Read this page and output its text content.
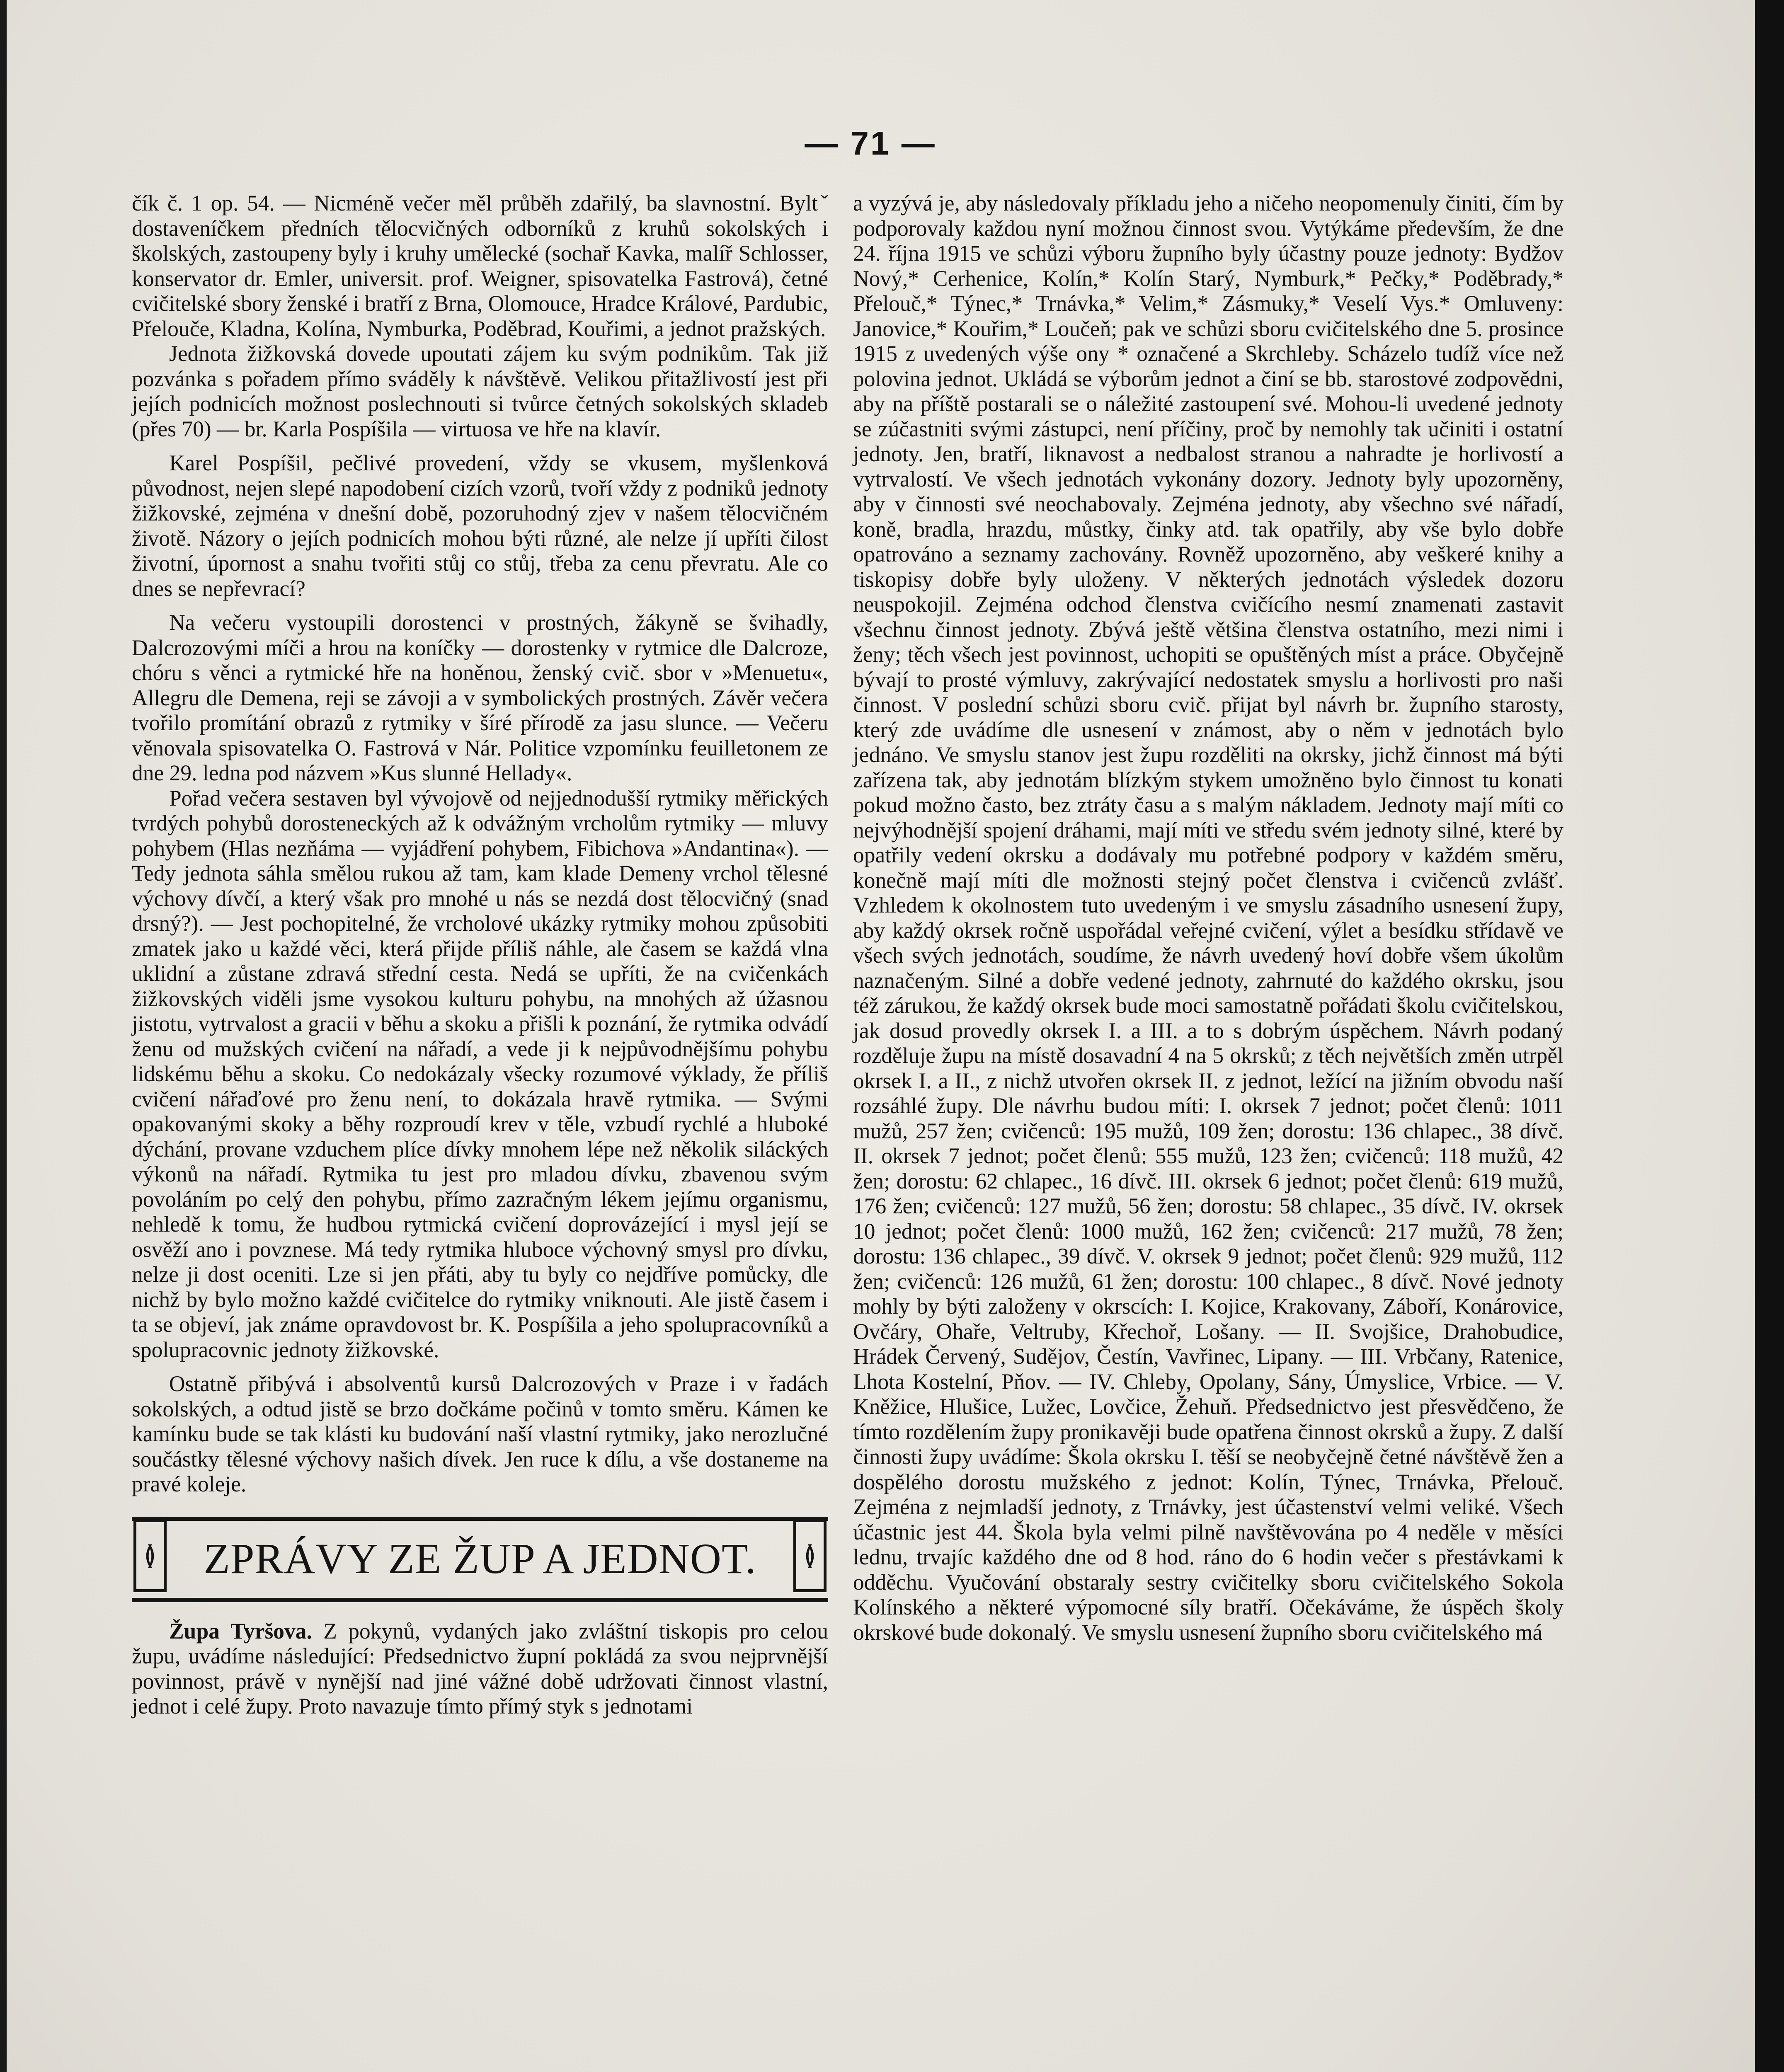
— 71 —

čík č. 1 op. 54. — Nicméně večer měl průběh zdařilý, ba slavnostní. Byltˇ dostaveníčkem předních tělocvičných odborníků z kruhů sokolských i školských, zastoupeny byly i kruhy umělecké (sochař Kavka, malíř Schlosser, konservator dr. Emler, universit. prof. Weigner, spisovatelka Fastrová), četné cvičitelské sbory ženské i bratří z Brna, Olomouce, Hradce Králové, Pardubic, Přelouče, Kladna, Kolína, Nymburka, Poděbrad, Kouřimi, a jednot pražských.

Jednota žižkovská dovede upoutati zájem ku svým podnikům. Tak již pozvánka s pořadem přímo sváděly k návštěvě. Velikou přitažlivostí jest při jejích podnicích možnost poslechnouti si tvůrce četných sokolských skladeb (přes 70) — br. Karla Pospíšila — virtuosa ve hře na klavír.

Karel Pospíšil, pečlivé provedení, vždy se vkusem, myšlenková původnost, nejen slepé napodobení cizích vzorů, tvoří vždy z podniků jednoty žižkovské, zejména v dnešní době, pozoruhodný zjev v našem tělocvičném životě. Názory o jejích podnicích mohou býti různé, ale nelze jí upříti čilost životní, úpornost a snahu tvořiti stůj co stůj, třeba za cenu převratu. Ale co dnes se nepřevrací?

Na večeru vystoupili dorostenci v prostných, žákyně se švihadly, Dalcrozovými míči a hrou na koníčky — dorostenky v rytmice dle Dalcroze, chóru s věnci a rytmické hře na honěnou, ženský cvič. sbor v »Menuetu«, Allegru dle Demena, reji se závoji a v symbolických prostných. Závěr večera tvořilo promítání obrazů z rytmiky v šíré přírodě za jasu slunce. — Večeru věnovala spisovatelka O. Fastrová v Nár. Politice vzpomínku feuilletonem ze dne 29. ledna pod názvem »Kus slunné Hellady«.

Pořad večera sestaven byl vývojově od nejjednodušší rytmiky měřických tvrdých pohybů dorosteneckých až k odvážným vrcholům rytmiky — mluvy pohybem (Hlas nezňáma — vyjádření pohybem, Fibichova »Andantina«). — Tedy jednota sáhla smělou rukou až tam, kam klade Demeny vrchol tělesné výchovy dívčí, a který však pro mnohé u nás se nezdá dost tělocvičný (snad drsný?). — Jest pochopitelné, že vrcholové ukázky rytmiky mohou způsobiti zmatek jako u každé věci, která přijde příliš náhle, ale časem se každá vlna uklidní a zůstane zdravá střední cesta. Nedá se upříti, že na cvičenkách žižkovských viděli jsme vysokou kulturu pohybu, na mnohých až úžasnou jistotu, vytrvalost a gracii v běhu a skoku a přišli k poznání, že rytmika odvádí ženu od mužských cvičení na nářadí, a vede ji k nejpůvodnějšímu pohybu lidskému běhu a skoku. Co nedokázaly všecky rozumové výklady, že příliš cvičení nářaďové pro ženu není, to dokázala hravě rytmika. — Svými opakovanými skoky a běhy rozproudí krev v těle, vzbudí rychlé a hluboké dýchání, provane vzduchem plíce dívky mnohem lépe než několik siláckých výkonů na nářadí. Rytmika tu jest pro mladou dívku, zbavenou svým povoláním po celý den pohybu, přímo zazračným lékem jejímu organismu, nehledě k tomu, že hudbou rytmická cvičení doprovázející i mysl její se osvěží ano i povznese. Má tedy rytmika hluboce výchovný smysl pro dívku, nelze ji dost oceniti. Lze si jen přáti, aby tu byly co nejdříve pomůcky, dle nichž by bylo možno každé cvičitelce do rytmiky vniknouti. Ale jistě časem i ta se objeví, jak známe opravdovost br. K. Pospíšila a jeho spolupracovníků a spolupracovnic jednoty žižkovské.

Ostatně přibývá i absolventů kursů Dalcrozových v Praze i v řadách sokolských, a odtud jistě se brzo dočkáme počinů v tomto směru. Kámen ke kamínku bude se tak klásti ku budování naší vlastní rytmiky, jako nerozlučné součástky tělesné výchovy našich dívek. Jen ruce k dílu, a vše dostaneme na pravé koleje.

≬ ZPRÁVY ZE ŽUP A JEDNOT.	≬

Župa Tyršova. Z pokynů, vydaných jako zvláštní tiskopis pro celou župu, uvádíme následující: Předsednictvo župní pokládá za svou nejprvnější povinnost, právě v nynější nad jiné vážné době udržovati činnost vlastní, jednot i celé župy. Proto navazuje tímto přímý styk s jednotami

a vyzývá je, aby následovaly příkladu jeho a ničeho neopomenuly činiti, čím by podporovaly každou nyní možnou činnost svou. Vytýkáme především, že dne 24. října 1915 ve schůzi výboru župního byly účastny pouze jednoty: Bydžov Nový,* Cerhenice, Kolín,* Kolín Starý, Nymburk,* Pečky,* Poděbrady,* Přelouč,* Týnec,* Trnávka,* Velim,* Zásmuky,* Veselí Vys.* Omluveny: Janovice,* Kouřim,* Loučeň; pak ve schůzi sboru cvičitelského dne 5. prosince 1915 z uvedených výše ony * označené a Skrchleby. Scházelo tudíž více než polovina jednot. Ukládá se výborům jednot a činí se bb. starostové zodpovědni, aby na příště postarali se o náležité zastoupení své. Mohou-li uvedené jednoty se zúčastniti svými zástupci, není příčiny, proč by nemohly tak učiniti i ostatní jednoty. Jen, bratří, liknavost a nedbalost stranou a nahradte je horlivostí a vytrvalostí. Ve všech jednotách vykonány dozory. Jednoty byly upozorněny, aby v činnosti své neochabovaly. Zejména jednoty, aby všechno své nářadí, koně, bradla, hrazdu, můstky, činky atd. tak opatřily, aby vše bylo dobře opatrováno a seznamy zachovány. Rovněž upozorněno, aby veškeré knihy a tiskopisy dobře byly uloženy. V některých jednotách výsledek dozoru neuspokojil. Zejména odchod členstva cvičícího nesmí znamenati zastavit všechnu činnost jednoty. Zbývá ještě většina členstva ostatního, mezi nimi i ženy; těch všech jest povinnost, uchopiti se opuštěných míst a práce. Obyčejně bývají to prosté výmluvy, zakrývající nedostatek smyslu a horlivosti pro naši činnost. V poslední schůzi sboru cvič. přijat byl návrh br. župního starosty, který zde uvádíme dle usnesení v známost, aby o něm v jednotách bylo jednáno. Ve smyslu stanov jest župu rozděliti na okrsky, jichž činnost má býti zařízena tak, aby jednotám blízkým stykem umožněno bylo činnost tu konati pokud možno často, bez ztráty času a s malým nákladem. Jednoty mají míti co nejvýhodnější spojení dráhami, mají míti ve středu svém jednoty silné, které by opatřily vedení okrsku a dodávaly mu potřebné podpory v každém směru, konečně mají míti dle možnosti stejný počet členstva i cvičenců zvlášť. Vzhledem k okolnostem tuto uvedeným i ve smyslu zásadního usnesení župy, aby každý okrsek ročně uspořádal veřejné cvičení, výlet a besídku střídavě ve všech svých jednotách, soudíme, že návrh uvedený hoví dobře všem úkolům naznačeným. Silné a dobře vedené jednoty, zahrnuté do každého okrsku, jsou též zárukou, že každý okrsek bude moci samostatně pořádati školu cvičitelskou, jak dosud provedly okrsek I. a III. a to s dobrým úspěchem. Návrh podaný rozděluje župu na místě dosavadní 4 na 5 okrsků; z těch největších změn utrpěl okrsek I. a II., z nichž utvořen okrsek II. z jednot, ležící na jižním obvodu naší rozsáhlé župy. Dle návrhu budou míti: I. okrsek 7 jednot; počet členů: 1011 mužů, 257 žen; cvičenců: 195 mužů, 109 žen; dorostu: 136 chlapec., 38 dívč. II. okrsek 7 jednot; počet členů: 555 mužů, 123 žen; cvičenců: 118 mužů, 42 žen; dorostu: 62 chlapec., 16 dívč. III. okrsek 6 jednot; počet členů: 619 mužů, 176 žen; cvičenců: 127 mužů, 56 žen; dorostu: 58 chlapec., 35 dívč. IV. okrsek 10 jednot; počet členů: 1000 mužů, 162 žen; cvičenců: 217 mužů, 78 žen; dorostu: 136 chlapec., 39 dívč. V. okrsek 9 jednot; počet členů: 929 mužů, 112 žen; cvičenců: 126 mužů, 61 žen; dorostu: 100 chlapec., 8 dívč. Nové jednoty mohly by býti založeny v okrscích: I. Kojice, Krakovany, Záboří, Konárovice, Ovčáry, Ohaře, Veltruby, Křechoř, Lošany. — II. Svojšice, Drahobudice, Hrádek Červený, Sudějov, Čestín, Vavřinec, Lipany. — III. Vrbčany, Ratenice, Lhota Kostelní, Pňov. — IV. Chleby, Opolany, Sány, Úmyslice, Vrbice. — V. Kněžice, Hlušice, Lužec, Lovčice, Žehuň. Předsednictvo jest přesvědčeno, že tímto rozdělením župy pronikavěji bude opatřena činnost okrsků a župy. Z další činnosti župy uvádíme: Škola okrsku I. těší se neobyčejně četné návštěvě žen a dospělého dorostu mužského z jednot: Kolín, Týnec, Trnávka, Přelouč. Zejména z nejmladší jednoty, z Trnávky, jest účastenství velmi veliké. Všech účastnic jest 44. Škola byla velmi pilně navštěvována po 4 neděle v měsíci lednu, trvajíc každého dne od 8 hod. ráno do 6 hodin večer s přestávkami k odděchu. Vyučování obstaraly sestry cvičitelky sboru cvičitelského Sokola Kolínského a některé výpomocné síly bratří. Očekáváme, že úspěch školy okrskové bude dokonalý. Ve smyslu usnesení župního sboru cvičitelského má
